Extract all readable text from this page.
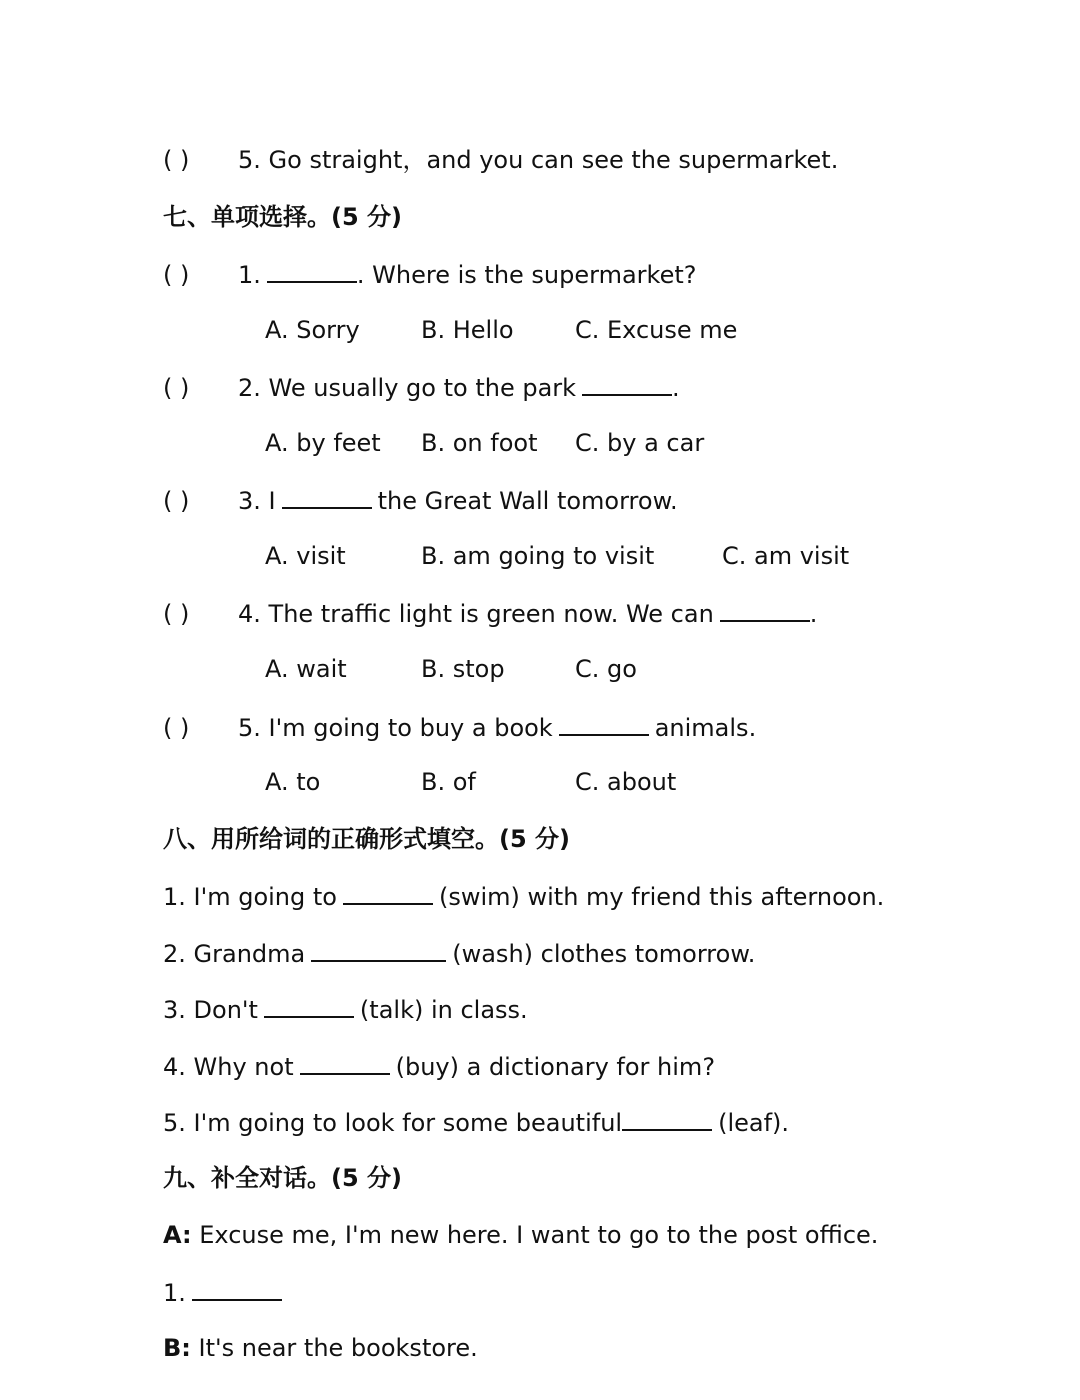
( ) 5. Go straight，and you can see the supermarket.
七、单项选择。(5 分)
( ) 1.	. Where is the supermarket?
A. Sorry	B. Hello	C. Excuse me
( ) 2. We usually go to the park	.
A. by feet B. on foot C. by a car
( ) 3. I	the Great Wall tomorrow.
A. visit	B. am going to visit	C. am visit
( ) 4. The traffic light is green now. We can	.
A. wait	B. stop	C. go
( ) 5. I'm going to buy a book	animals.
A. to	B. of	C. about
八、用所给词的正确形式填空。(5 分)
1. I'm going to	(swim) with my friend this afternoon.
2. Grandma	(wash) clothes tomorrow.
3. Don't	(talk) in class.
4. Why not	(buy) a dictionary for him?
5. I'm going to look for some beautiful	(leaf).
九、补全对话。(5 分)
A: Excuse me, I'm new here. I want to go to the post office.
1.
B: It's near the bookstore.
